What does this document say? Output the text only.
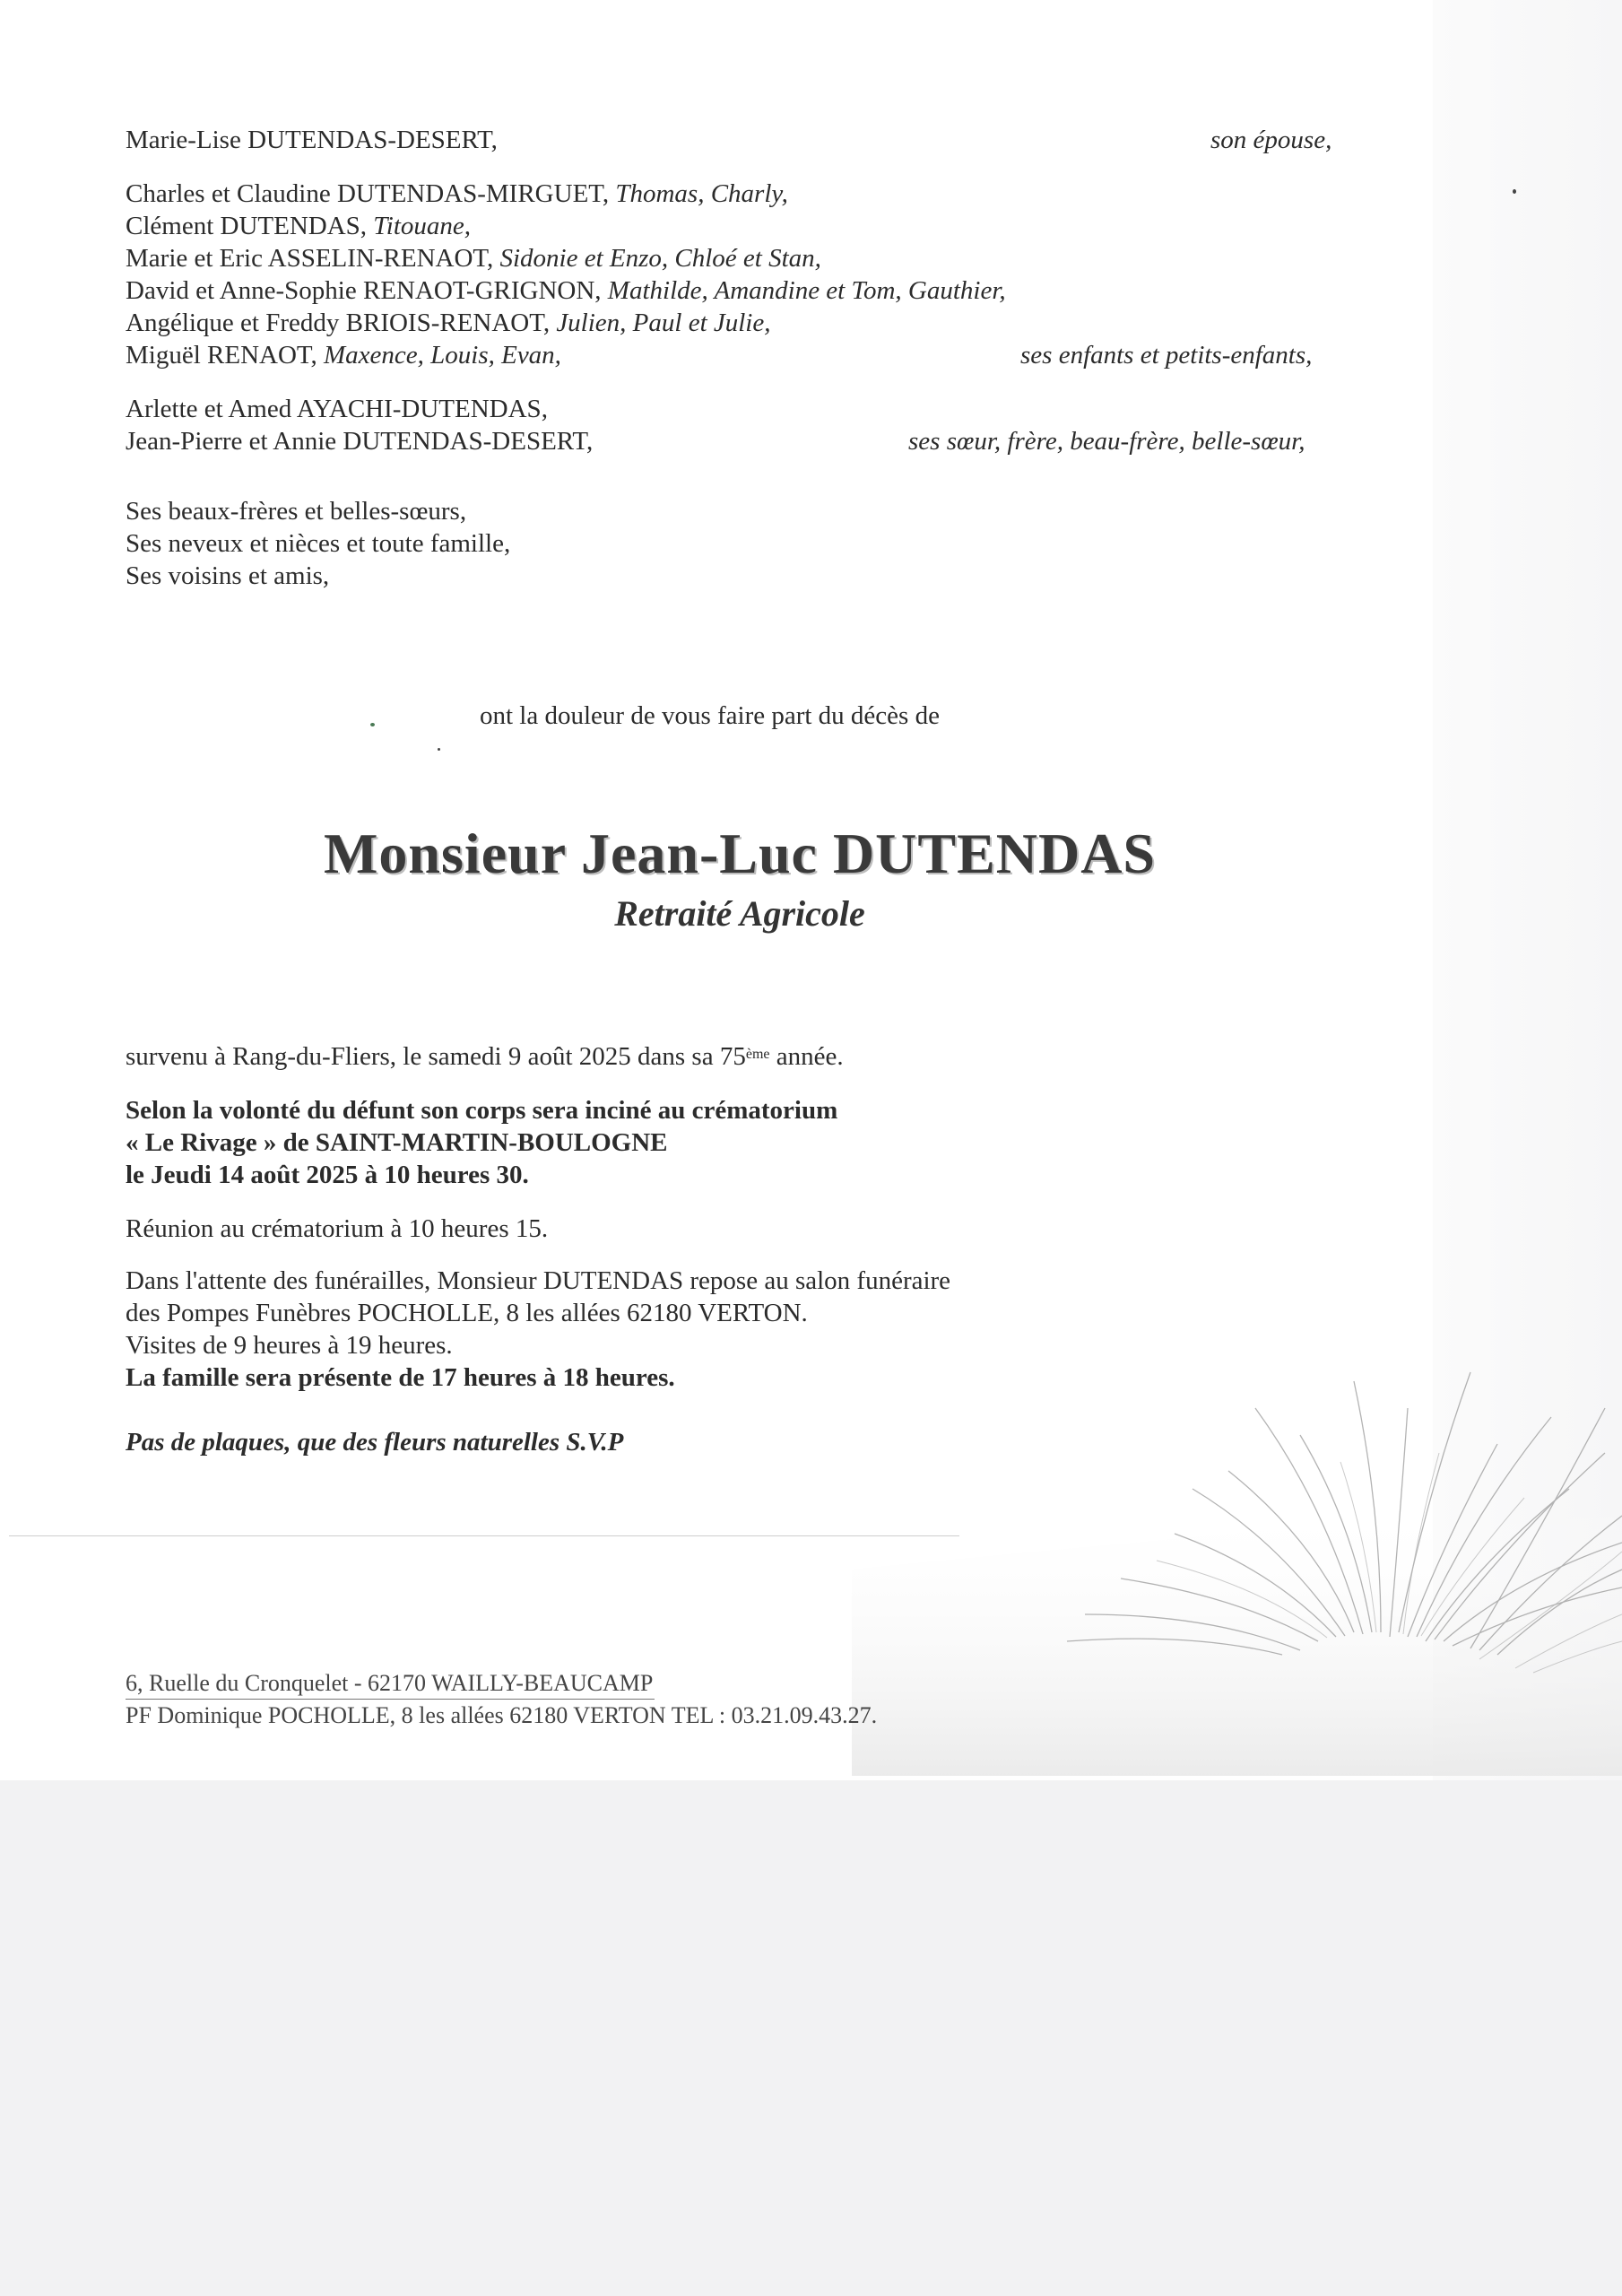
Marie-Lise DUTENDAS-DESERT,	son épouse,
Charles et Claudine DUTENDAS-MIRGUET, Thomas, Charly,
Clément DUTENDAS, Titouane,
Marie et Eric ASSELIN-RENAOT, Sidonie et Enzo, Chloé et Stan,
David et Anne-Sophie RENAOT-GRIGNON, Mathilde, Amandine et Tom, Gauthier,
Angélique et Freddy BRIOIS-RENAOT, Julien, Paul et Julie,
Miguël RENAOT, Maxence, Louis, Evan,	ses enfants et petits-enfants,
Arlette et Amed AYACHI-DUTENDAS,
Jean-Pierre et Annie DUTENDAS-DESERT,	ses sœur, frère, beau-frère, belle-sœur,
Ses beaux-frères et belles-sœurs,
Ses neveux et nièces et toute famille,
Ses voisins et amis,
ont la douleur de vous faire part du décès de
Monsieur Jean-Luc DUTENDAS
Retraité Agricole
survenu à Rang-du-Fliers, le samedi 9 août 2025 dans sa 75ème année.
Selon la volonté du défunt son corps sera inciné au crématorium
« Le Rivage » de SAINT-MARTIN-BOULOGNE
le Jeudi 14 août 2025 à 10 heures 30.
Réunion au crématorium à 10 heures 15.
Dans l'attente des funérailles, Monsieur DUTENDAS repose au salon funéraire
des Pompes Funèbres POCHOLLE, 8 les allées 62180 VERTON.
Visites de 9 heures à 19 heures.
La famille sera présente de 17 heures à 18 heures.
Pas de plaques, que des fleurs naturelles S.V.P
6, Ruelle du Cronquelet - 62170 WAILLY-BEAUCAMP
PF Dominique POCHOLLE, 8 les allées 62180 VERTON TEL : 03.21.09.43.27.
